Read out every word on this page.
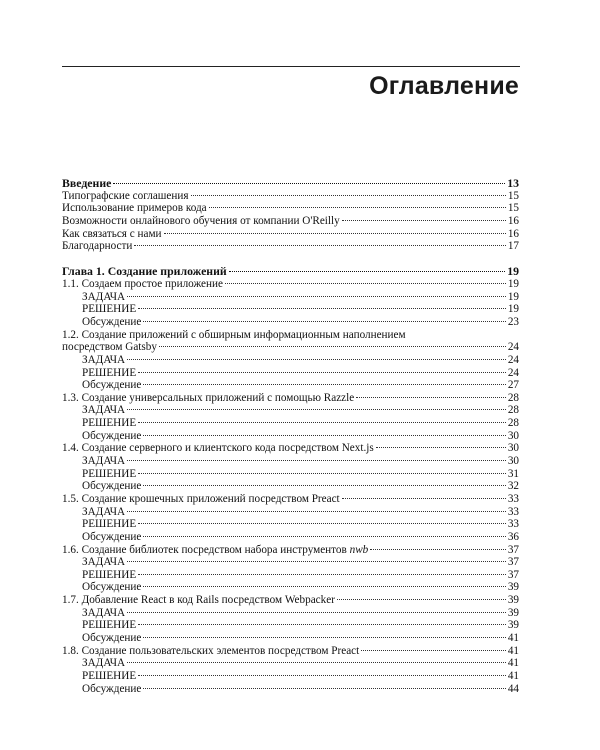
Оглавление
Введение	13
Типографские соглашения	15
Использование примеров кода	15
Возможности онлайнового обучения от компании O'Reilly	16
Как связаться с нами	16
Благодарности	17
Глава 1. Создание приложений	19
1.1. Создаем простое приложение	19
ЗАДАЧА	19
РЕШЕНИЕ	19
Обсуждение	23
1.2. Создание приложений с обширным информационным наполнением
посредством Gatsby	24
ЗАДАЧА	24
РЕШЕНИЕ	24
Обсуждение	27
1.3. Создание универсальных приложений с помощью Razzle	28
ЗАДАЧА	28
РЕШЕНИЕ	28
Обсуждение	30
1.4. Создание серверного и клиентского кода посредством Next.js	30
ЗАДАЧА	30
РЕШЕНИЕ	31
Обсуждение	32
1.5. Создание крошечных приложений посредством Preact	33
ЗАДАЧА	33
РЕШЕНИЕ	33
Обсуждение	36
1.6. Создание библиотек посредством набора инструментов nwb	37
ЗАДАЧА	37
РЕШЕНИЕ	37
Обсуждение	39
1.7. Добавление React в код Rails посредством Webpacker	39
ЗАДАЧА	39
РЕШЕНИЕ	39
Обсуждение	41
1.8. Создание пользовательских элементов посредством Preact	41
ЗАДАЧА	41
РЕШЕНИЕ	41
Обсуждение	44
